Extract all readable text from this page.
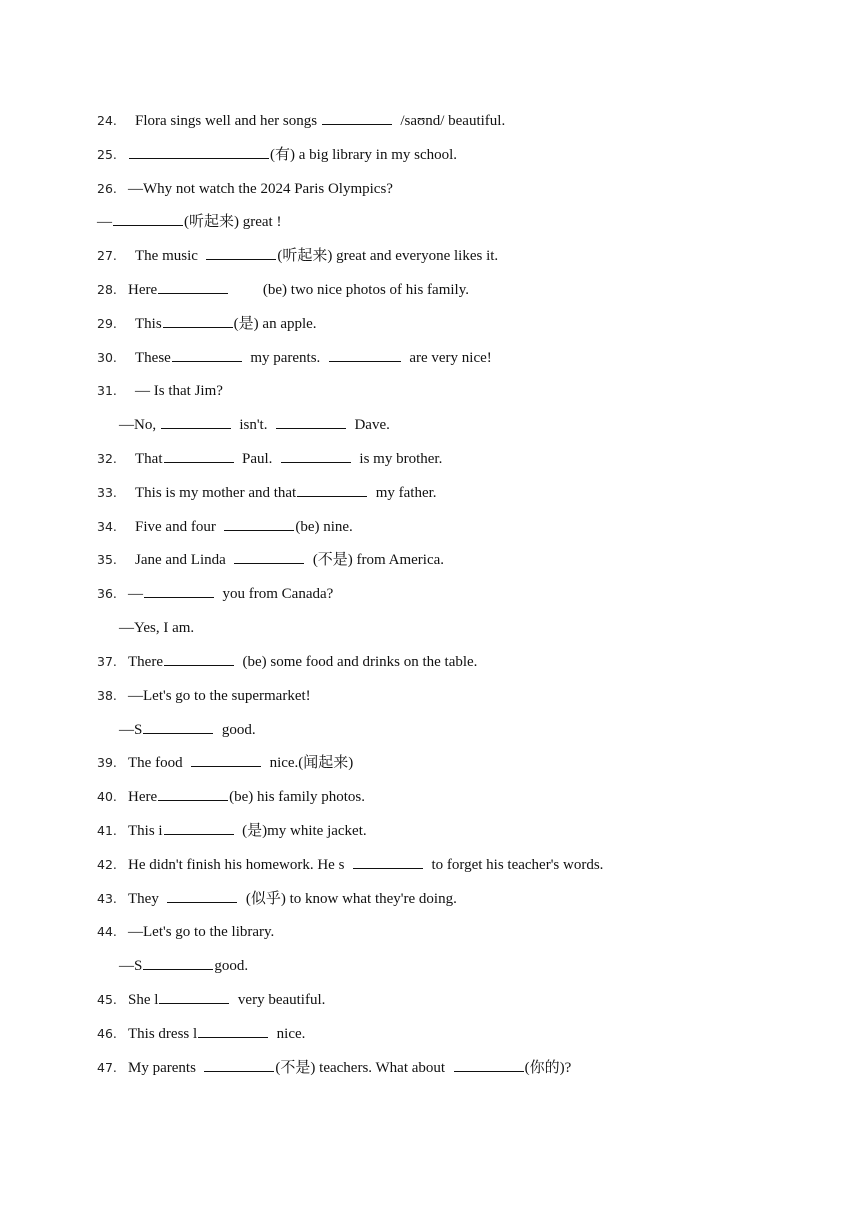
24. Flora sings well and her songs	/saʊnd/ beautiful.

25.	(有) a big library in my school.

26. —Why not watch the 2024 Paris Olympics?

—	(听起来) great !

27. The music	(听起来) great and everyone likes it.

28. Here	(be) two nice photos of his family.

29. This	(是) an apple.

30. These	my parents.	are very nice!

31. — Is that Jim?

—No,	isn't.	Dave.

32. That	Paul.	is my brother.

33. This is my mother and that	my father.

34. Five and four	(be) nine.

35. Jane and Linda	(不是) from America.

36. —	you from Canada?

—Yes, I am.

37. There	(be) some food and drinks on the table.

38. —Let's go to the supermarket!

—S	good.

39. The food	nice.(闻起来)

40. Here	(be) his family photos.

41. This i	(是)my white jacket.

42. He didn't finish his homework. He s	to forget his teacher's words.

43. They	(似乎) to know what they're doing.

44. —Let's go to the library.

—S	good.

45. She l	very beautiful.

46. This dress l	nice.

47. My parents	(不是) teachers. What about	(你的)?
